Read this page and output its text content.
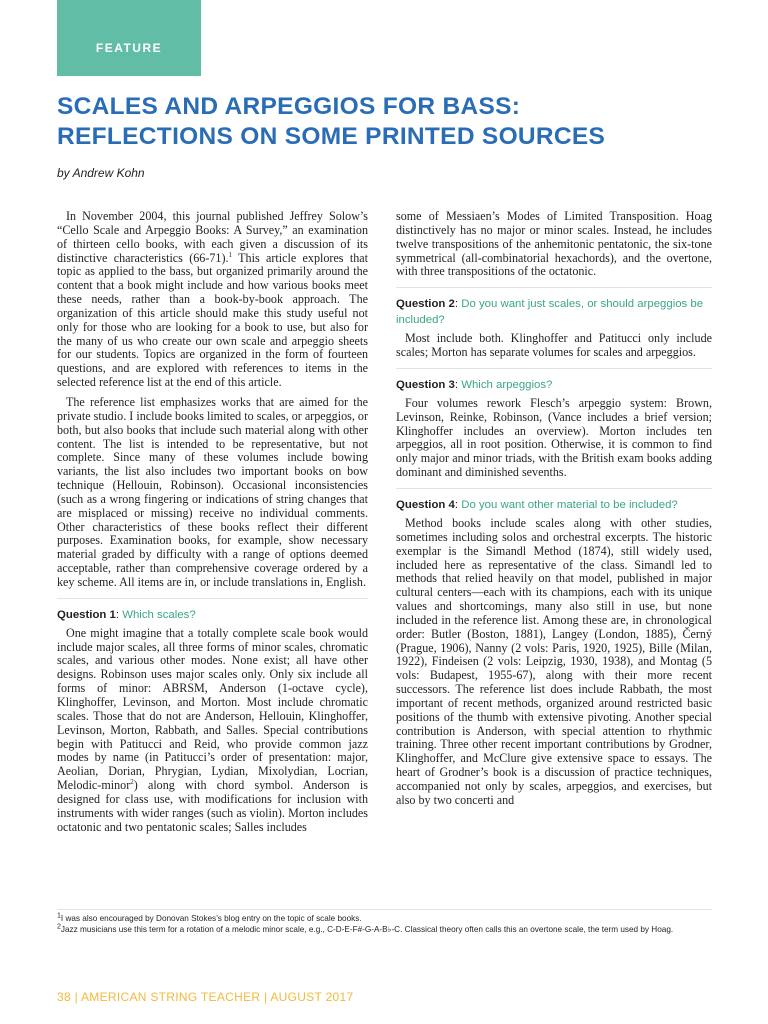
FEATURE
SCALES AND ARPEGGIOS FOR BASS:
REFLECTIONS ON SOME PRINTED SOURCES
by Andrew Kohn

In November 2004, this journal published Jeffrey Solow’s “Cello Scale and Arpeggio Books: A Survey,” an examination of thirteen cello books, with each given a discussion of its distinctive characteristics (66-71).$^1$ This article explores that topic as applied to the bass, but organized primarily around the content that a book might include and how various books meet these needs, rather than a book-by-book approach. The organization of this article should make this study useful not only for those who are looking for a book to use, but also for the many of us who create our own scale and arpeggio sheets for our students. Topics are organized in the form of fourteen questions, and are explored with references to items in the selected reference list at the end of this article.

The reference list emphasizes works that are aimed for the private studio. I include books limited to scales, or arpeggios, or both, but also books that include such material along with other content. The list is intended to be representative, but not complete. Since many of these volumes include bowing variants, the list also includes two important books on bow technique (Hellouin, Robinson). Occasional inconsistencies (such as a wrong fingering or indications of string changes that are misplaced or missing) receive no individual comments. Other characteristics of these books reflect their different purposes. Examination books, for example, show necessary material graded by difficulty with a range of options deemed acceptable, rather than comprehensive coverage ordered by a key scheme. All items are in, or include translations in, English.

Question 1: Which scales?

One might imagine that a totally complete scale book would include major scales, all three forms of minor scales, chromatic scales, and various other modes. None exist; all have other designs. Robinson uses major scales only. Only six include all forms of minor: ABRSM, Anderson (1-octave cycle), Klinghoffer, Levinson, and Morton. Most include chromatic scales. Those that do not are Anderson, Hellouin, Klinghoffer, Levinson, Morton, Rabbath, and Salles. Special contributions begin with Patitucci and Reid, who provide common jazz modes by name (in Patitucci’s order of presentation: major, Aeolian, Dorian, Phrygian, Lydian, Mixolydian, Locrian, Melodic-minor$^2$) along with chord symbol. Anderson is designed for class use, with modifications for inclusion with instruments with wider ranges (such as violin). Morton includes octatonic and two pentatonic scales; Salles includes

some of Messiaen’s Modes of Limited Transposition. Hoag distinctively has no major or minor scales. Instead, he includes twelve transpositions of the anhemitonic pentatonic, the six-tone symmetrical (all-combinatorial hexachords), and the overtone, with three transpositions of the octatonic.

Question 2: Do you want just scales, or should arpeggios be included?

Most include both. Klinghoffer and Patitucci only include scales; Morton has separate volumes for scales and arpeggios.

Question 3: Which arpeggios?

Four volumes rework Flesch’s arpeggio system: Brown, Levinson, Reinke, Robinson, (Vance includes a brief version; Klinghoffer includes an overview). Morton includes ten arpeggios, all in root position. Otherwise, it is common to find only major and minor triads, with the British exam books adding dominant and diminished sevenths.

Question 4: Do you want other material to be included?

Method books include scales along with other studies, sometimes including solos and orchestral excerpts. The historic exemplar is the Simandl Method (1874), still widely used, included here as representative of the class. Simandl led to methods that relied heavily on that model, published in major cultural centers—each with its champions, each with its unique values and shortcomings, many also still in use, but none included in the reference list. Among these are, in chronological order: Butler (Boston, 1881), Langey (London, 1885), Černý (Prague, 1906), Nanny (2 vols: Paris, 1920, 1925), Bille (Milan, 1922), Findeisen (2 vols: Leipzig, 1930, 1938), and Montag (5 vols: Budapest, 1955-67), along with their more recent successors. The reference list does include Rabbath, the most important of recent methods, organized around restricted basic positions of the thumb with extensive pivoting. Another special contribution is Anderson, with special attention to rhythmic training. Three other recent important contributions by Grodner, Klinghoffer, and McClure give extensive space to essays. The heart of Grodner’s book is a discussion of practice techniques, accompanied not only by scales, arpeggios, and exercises, but also by two concerti and

$^1$I was also encouraged by Donovan Stokes’s blog entry on the topic of scale books.
$^2$Jazz musicians use this term for a rotation of a melodic minor scale, e.g., C-D-E-F#-G-A-B♭-C. Classical theory often calls this an overtone scale, the term used by Hoag.
38 | AMERICAN STRING TEACHER | AUGUST 2017
